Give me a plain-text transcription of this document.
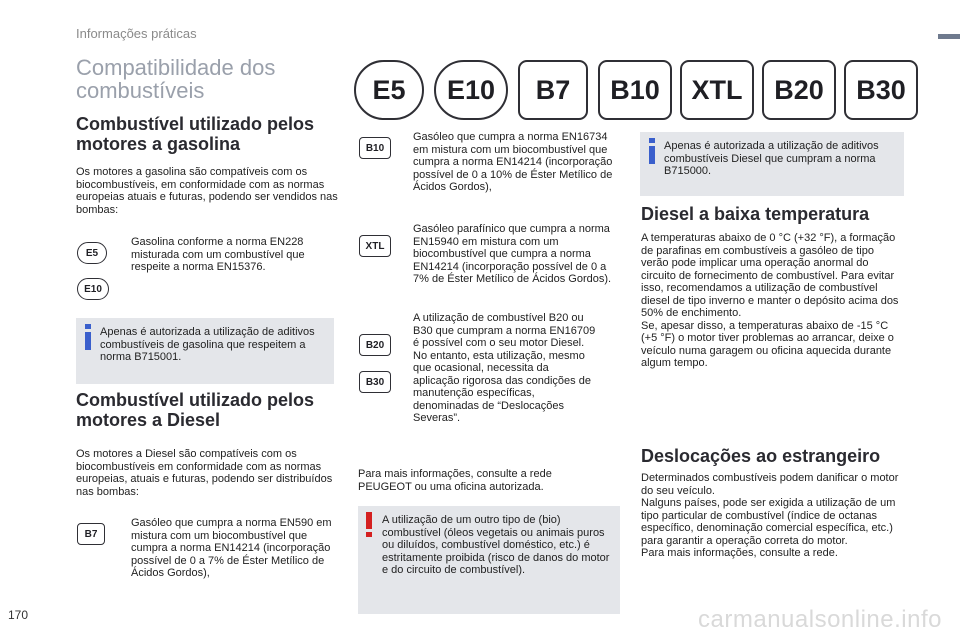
Informações práticas
Compatibilidade dos combustíveis	E5	E10	B7	B10	XTL	B20	B30
Combustível utilizado pelos motores a gasolina
Os motores a gasolina são compatíveis com os biocombustíveis, em conformidade com as normas europeias atuais e futuras, podendo ser vendidos nas bombas:
E5
E10
Gasolina conforme a norma EN228 misturada com um combustível que respeite a norma EN15376.
Apenas é autorizada a utilização de aditivos combustíveis de gasolina que respeitem a norma B715001.
Combustível utilizado pelos motores a Diesel
Os motores a Diesel são compatíveis com os biocombustíveis em conformidade com as normas europeias, atuais e futuras, podendo ser distribuídos nas bombas:
B7
Gasóleo que cumpra a norma EN590 em mistura com um biocombustível que cumpra a norma EN14214 (incorporação possível de 0 a 7% de Éster Metílico de Ácidos Gordos),
B10
Gasóleo que cumpra a norma EN16734 em mistura com um biocombustível que cumpra a norma EN14214 (incorporação possível de 0 a 10% de Éster Metílico de Ácidos Gordos),
XTL
Gasóleo parafínico que cumpra a norma EN15940 em mistura com um biocombustível que cumpra a norma EN14214 (incorporação possível de 0 a 7% de Éster Metílico de Ácidos Gordos).
B20
B30
A utilização de combustível B20 ou B30 que cumpram a norma EN16709 é possível com o seu motor Diesel. No entanto, esta utilização, mesmo que ocasional, necessita da aplicação rigorosa das condições de manutenção específicas, denominadas de “Deslocações Severas”.
Para mais informações, consulte a rede PEUGEOT ou uma oficina autorizada.
A utilização de um outro tipo de (bio) combustível (óleos vegetais ou animais puros ou diluídos, combustível doméstico, etc.) é estritamente proibida (risco de danos do motor e do circuito de combustível).
Apenas é autorizada a utilização de aditivos combustíveis Diesel que cumpram a norma B715000.
Diesel a baixa temperatura
A temperaturas abaixo de 0 °C (+32 °F), a formação de parafinas em combustíveis a gasóleo de tipo verão pode implicar uma operação anormal do circuito de fornecimento de combustível. Para evitar isso, recomendamos a utilização de combustível diesel de tipo inverno e manter o depósito acima dos 50% de enchimento.
Se, apesar disso, a temperaturas abaixo de -15 °C (+5 °F) o motor tiver problemas ao arrancar, deixe o veículo numa garagem ou oficina aquecida durante algum tempo.
Deslocações ao estrangeiro
Determinados combustíveis podem danificar o motor do seu veículo.
Nalguns países, pode ser exigida a utilização de um tipo particular de combustível (índice de octanas específico, denominação comercial específica, etc.) para garantir a operação correta do motor.
Para mais informações, consulte a rede.
170	carmanualsonline.info
